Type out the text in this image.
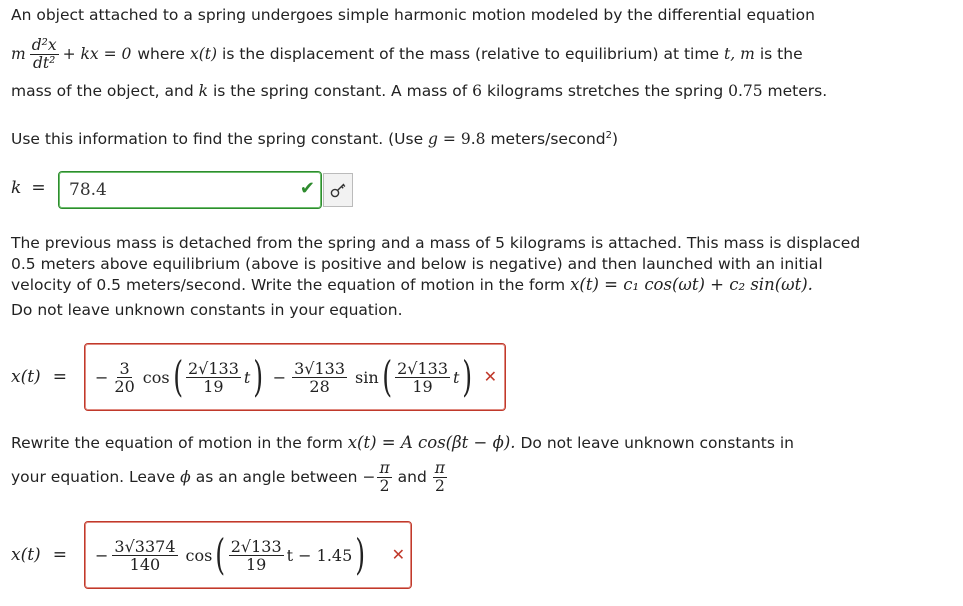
An object attached to a spring undergoes simple harmonic motion modeled by the differential equation
m $\frac{\text{d²x}}{\text{dt²}}$ + kx = 0 where x(t) is the displacement of the mass (relative to equilibrium) at time t, m is the
mass of the object, and k is the spring constant. A mass of 6 kilograms stretches the spring 0.75 meters.
Use this information to find the spring constant. (Use g = 9.8 meters/second$^2$)
k = 78.4	✔
The previous mass is detached from the spring and a mass of 5 kilograms is attached. This mass is displaced
0.5 meters above equilibrium (above is positive and below is negative) and then launched with an initial
velocity of 0.5 meters/second. Write the equation of motion in the form x(t) = c₁ cos(ωt) + c₂ sin(ωt).
Do not leave unknown constants in your equation.
x(t) = − $\frac{3}{20}$ cos ( $\frac{2√133}{19}$ t ) − $\frac{3√133}{28}$ sin ( $\frac{2√133}{19}$ t ) ✕
Rewrite the equation of motion in the form x(t) = A cos(βt − ϕ). Do not leave unknown constants in
your equation. Leave ϕ as an angle between − $\frac{\pi}{2}$ and $\frac{\pi}{2}$
x(t) = − $\frac{3√3374}{140}$ cos ( $\frac{2√133}{19}$ t − 1.45 ) ✕
